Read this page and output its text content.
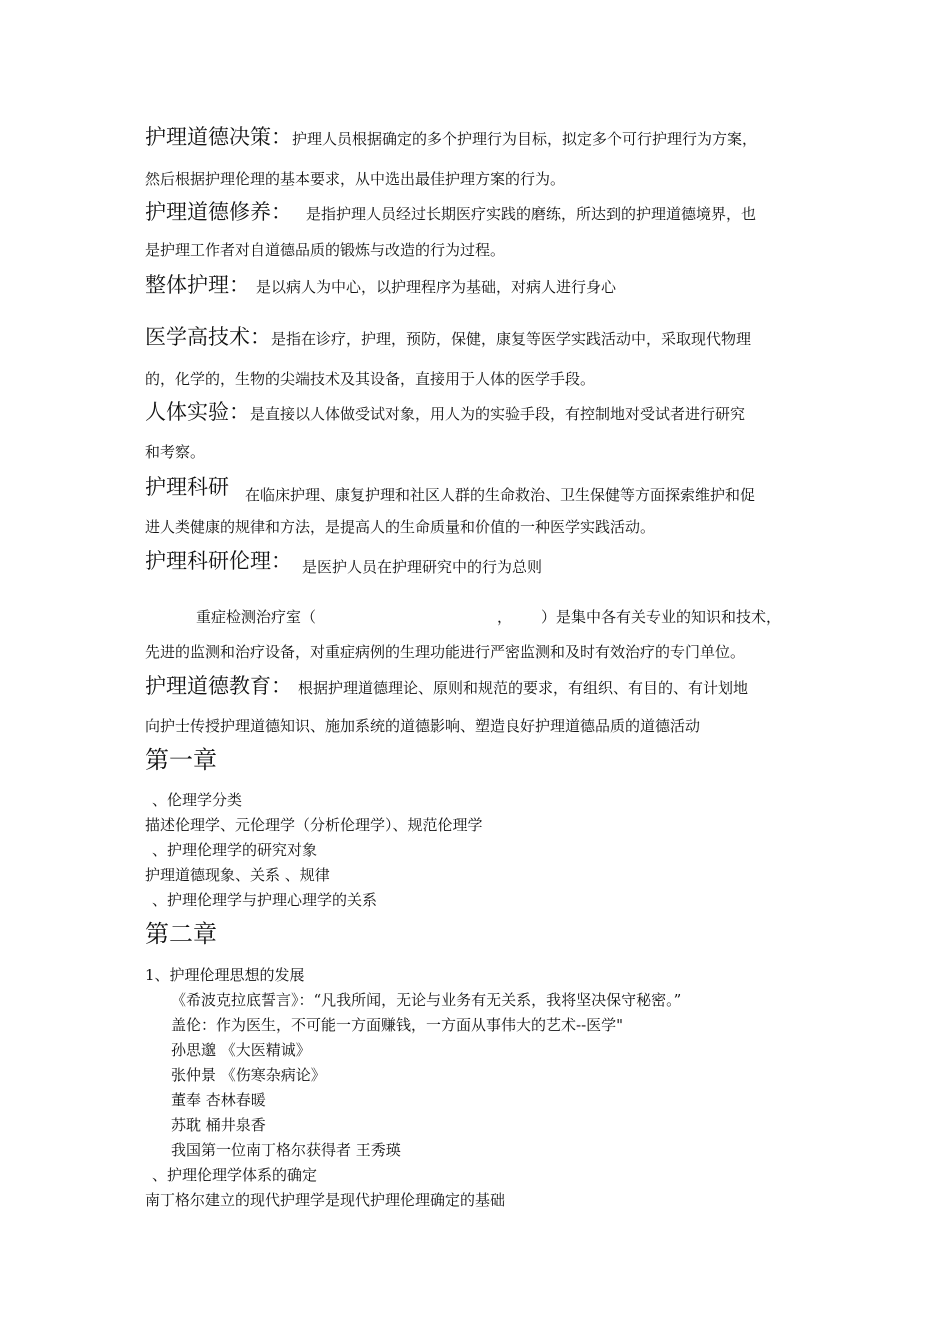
护理道德决策：护理人员根据确定的多个护理行为目标，拟定多个可行护理行为方案，
然后根据护理伦理的基本要求，从中选出最佳护理方案的行为。
护理道德修养： 是指护理人员经过长期医疗实践的磨练，所达到的护理道德境界，也
是护理工作者对自道德品质的锻炼与改造的行为过程。
整体护理： 是以病人为中心，以护理程序为基础，对病人进行身心
医学高技术：是指在诊疗，护理，预防，保健，康复等医学实践活动中，采取现代物理
的，化学的，生物的尖端技术及其设备，直接用于人体的医学手段。
人体实验：是直接以人体做受试对象，用人为的实验手段，有控制地对受试者进行研究
和考察。
护理科研 在临床护理、康复护理和社区人群的生命救治、卫生保健等方面探索维护和促
进人类健康的规律和方法，是提高人的生命质量和价值的一种医学实践活动。
护理科研伦理： 是医护人员在护理研究中的行为总则
重症检测治疗室（	， ）是集中各有关专业的知识和技术，
先进的监测和治疗设备，对重症病例的生理功能进行严密监测和及时有效治疗的专门单位。
护理道德教育： 根据护理道德理论、原则和规范的要求，有组织、有目的、有计划地
向护士传授护理道德知识、施加系统的道德影响、塑造良好护理道德品质的道德活动
第一章
、伦理学分类
描述伦理学、元伦理学（分析伦理学）、规范伦理学
、护理伦理学的研究对象
护理道德现象、关系 、规律
、护理伦理学与护理心理学的关系
第二章
1、护理伦理思想的发展
《希波克拉底誓言》：“凡我所闻，无论与业务有无关系，我将坚决保守秘密。”
盖伦：作为医生，不可能一方面赚钱，一方面从事伟大的艺术--医学"
孙思邈 《大医精诚》
张仲景 《伤寒杂病论》
董奉 杏林春暖
苏耽 桶井泉香
我国第一位南丁格尔获得者 王秀瑛
、护理伦理学体系的确定
南丁格尔建立的现代护理学是现代护理伦理确定的基础
